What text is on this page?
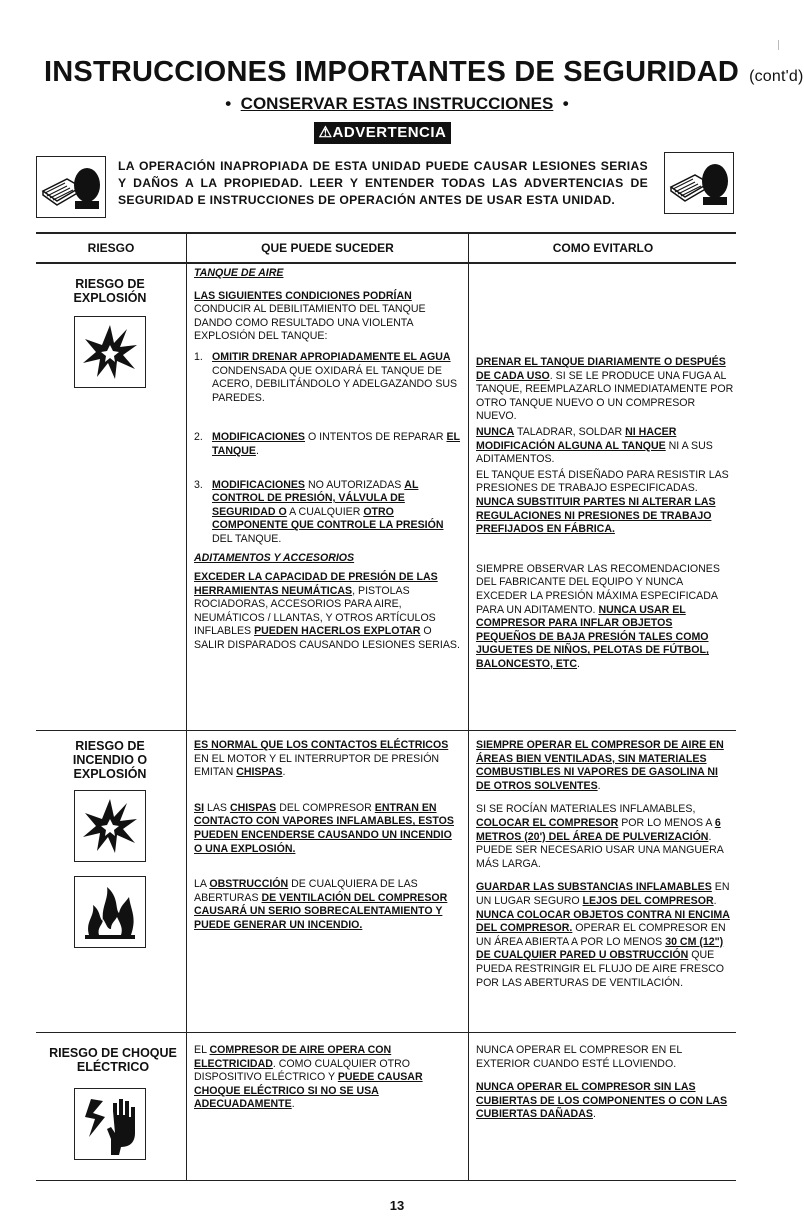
INSTRUCCIONES IMPORTANTES DE SEGURIDAD (cont'd)
• CONSERVAR ESTAS INSTRUCCIONES •
⚠ADVERTENCIA
LA OPERACIÓN INAPROPIADA DE ESTA UNIDAD PUEDE CAUSAR LESIONES SERIAS Y DAÑOS A LA PROPIEDAD. LEER Y ENTENDER TODAS LAS ADVERTENCIAS DE SEGURIDAD E INSTRUCCIONES DE OPERACIÓN ANTES DE USAR ESTA UNIDAD.
RIESGO	QUE PUEDE SUCEDER	COMO EVITARLO
RIESGO DE EXPLOSIÓN
TANQUE DE AIRE
LAS SIGUIENTES CONDICIONES PODRÍAN CONDUCIR AL DEBILITAMIENTO DEL TANQUE DANDO COMO RESULTADO UNA VIOLENTA EXPLOSIÓN DEL TANQUE:
1. OMITIR DRENAR APROPIADAMENTE EL AGUA CONDENSADA QUE OXIDARÁ EL TANQUE DE ACERO, DEBILITÁNDOLO Y ADELGAZANDO SUS PAREDES.
2. MODIFICACIONES O INTENTOS DE REPARAR EL TANQUE.
3. MODIFICACIONES NO AUTORIZADAS AL CONTROL DE PRESIÓN, VÁLVULA DE SEGURIDAD O A CUALQUIER OTRO COMPONENTE QUE CONTROLE LA PRESIÓN DEL TANQUE.
ADITAMENTOS Y ACCESORIOS
EXCEDER LA CAPACIDAD DE PRESIÓN DE LAS HERRAMIENTAS NEUMÁTICAS, PISTOLAS ROCIADORAS, ACCESORIOS PARA AIRE, NEUMÁTICOS / LLANTAS, Y OTROS ARTÍCULOS INFLABLES PUEDEN HACERLOS EXPLOTAR O SALIR DISPARADOS CAUSANDO LESIONES SERIAS.
DRENAR EL TANQUE DIARIAMENTE O DESPUÉS DE CADA USO. SI SE LE PRODUCE UNA FUGA AL TANQUE, REEMPLAZARLO INMEDIATAMENTE POR OTRO TANQUE NUEVO O UN COMPRESOR NUEVO.
NUNCA TALADRAR, SOLDAR NI HACER MODIFICACIÓN ALGUNA AL TANQUE NI A SUS ADITAMENTOS.
EL TANQUE ESTÁ DISEÑADO PARA RESISTIR LAS PRESIONES DE TRABAJO ESPECIFICADAS. NUNCA SUBSTITUIR PARTES NI ALTERAR LAS REGULACIONES NI PRESIONES DE TRABAJO PREFIJADOS EN FÁBRICA.
SIEMPRE OBSERVAR LAS RECOMENDACIONES DEL FABRICANTE DEL EQUIPO Y NUNCA EXCEDER LA PRESIÓN MÁXIMA ESPECIFICADA PARA UN ADITAMENTO. NUNCA USAR EL COMPRESOR PARA INFLAR OBJETOS PEQUEÑOS DE BAJA PRESIÓN TALES COMO JUGUETES DE NIÑOS, PELOTAS DE FÚTBOL, BALONCESTO, ETC.
RIESGO DE INCENDIO O EXPLOSIÓN
ES NORMAL QUE LOS CONTACTOS ELÉCTRICOS EN EL MOTOR Y EL INTERRUPTOR DE PRESIÓN EMITAN CHISPAS.
SI LAS CHISPAS DEL COMPRESOR ENTRAN EN CONTACTO CON VAPORES INFLAMABLES, ESTOS PUEDEN ENCENDERSE CAUSANDO UN INCENDIO O UNA EXPLOSIÓN.
LA OBSTRUCCIÓN DE CUALQUIERA DE LAS ABERTURAS DE VENTILACIÓN DEL COMPRESOR CAUSARÁ UN SERIO SOBRECALENTAMIENTO Y PUEDE GENERAR UN INCENDIO.
SIEMPRE OPERAR EL COMPRESOR DE AIRE EN ÁREAS BIEN VENTILADAS, SIN MATERIALES COMBUSTIBLES NI VAPORES DE GASOLINA NI DE OTROS SOLVENTES.
SI SE ROCÍAN MATERIALES INFLAMABLES, COLOCAR EL COMPRESOR POR LO MENOS A 6 METROS (20') DEL ÁREA DE PULVERIZACIÓN. PUEDE SER NECESARIO USAR UNA MANGUERA MÁS LARGA.
GUARDAR LAS SUBSTANCIAS INFLAMABLES EN UN LUGAR SEGURO LEJOS DEL COMPRESOR. NUNCA COLOCAR OBJETOS CONTRA NI ENCIMA DEL COMPRESOR. OPERAR EL COMPRESOR EN UN ÁREA ABIERTA A POR LO MENOS 30 CM (12") DE CUALQUIER PARED U OBSTRUCCIÓN QUE PUEDA RESTRINGIR EL FLUJO DE AIRE FRESCO POR LAS ABERTURAS DE VENTILACIÓN.
RIESGO DE CHOQUE ELÉCTRICO
EL COMPRESOR DE AIRE OPERA CON ELECTRICIDAD. COMO CUALQUIER OTRO DISPOSITIVO ELÉCTRICO Y PUEDE CAUSAR CHOQUE ELÉCTRICO SI NO SE USA ADECUADAMENTE.
NUNCA OPERAR EL COMPRESOR EN EL EXTERIOR CUANDO ESTÉ LLOVIENDO.
NUNCA OPERAR EL COMPRESOR SIN LAS CUBIERTAS DE LOS COMPONENTES O CON LAS CUBIERTAS DAÑADAS.
13
